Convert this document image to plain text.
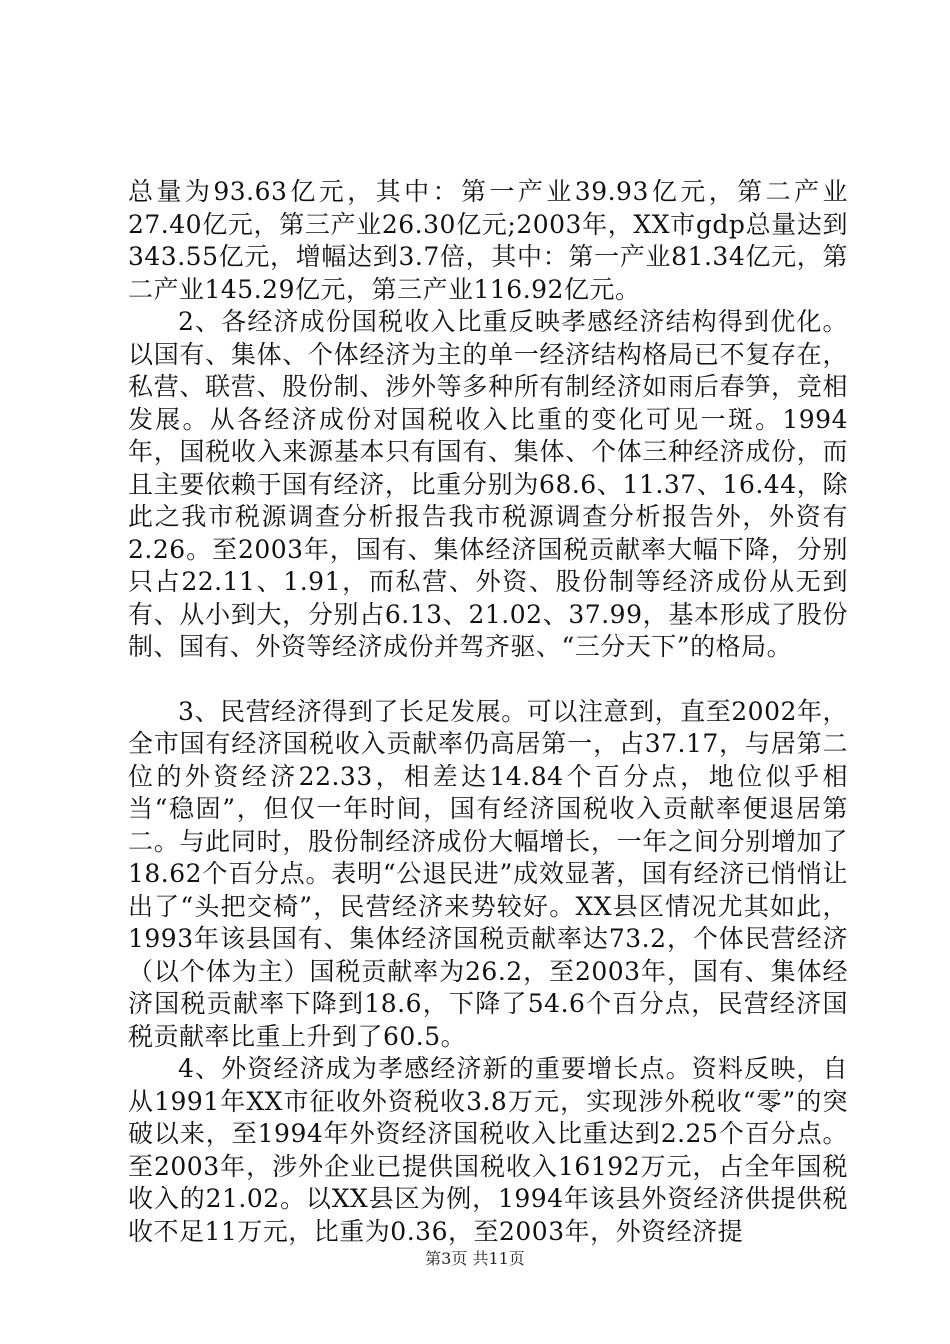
总量为93.63亿元，其中：第一产业39.93亿元，第二产业27.40亿元，第三产业26.30亿元;2003年，XX市gdp总量达到343.55亿元，增幅达到3.7倍，其中：第一产业81.34亿元，第二产业145.29亿元，第三产业116.92亿元。

2、各经济成份国税收入比重反映孝感经济结构得到优化。以国有、集体、个体经济为主的单一经济结构格局已不复存在，私营、联营、股份制、涉外等多种所有制经济如雨后春笋，竞相发展。从各经济成份对国税收入比重的变化可见一斑。1994年，国税收入来源基本只有国有、集体、个体三种经济成份，而且主要依赖于国有经济，比重分别为68.6、11.37、16.44，除此之我市税源调查分析报告我市税源调查分析报告外，外资有2.26。至2003年，国有、集体经济国税贡献率大幅下降，分别只占22.11、1.91，而私营、外资、股份制等经济成份从无到有、从小到大，分别占6.13、21.02、37.99，基本形成了股份制、国有、外资等经济成份并驾齐驱、“三分天下”的格局。

3、民营经济得到了长足发展。可以注意到，直至2002年，全市国有经济国税收入贡献率仍高居第一，占37.17，与居第二位的外资经济22.33，相差达14.84个百分点，地位似乎相当“稳固”，但仅一年时间，国有经济国税收入贡献率便退居第二。与此同时，股份制经济成份大幅增长，一年之间分别增加了18.62个百分点。表明“公退民进”成效显著，国有经济已悄悄让出了“头把交椅”，民营经济来势较好。XX县区情况尤其如此，1993年该县国有、集体经济国税贡献率达73.2，个体民营经济（以个体为主）国税贡献率为26.2，至2003年，国有、集体经济国税贡献率下降到18.6，下降了54.6个百分点，民营经济国税贡献率比重上升到了60.5。

4、外资经济成为孝感经济新的重要增长点。资料反映，自从1991年XX市征收外资税收3.8万元，实现涉外税收“零”的突破以来，至1994年外资经济国税收入比重达到2.25个百分点。至2003年，涉外企业已提供国税收入16192万元，占全年国税收入的21.02。以XX县区为例，1994年该县外资经济供提供税收不足11万元，比重为0.36，至2003年，外资经济提

第3页 共11页
